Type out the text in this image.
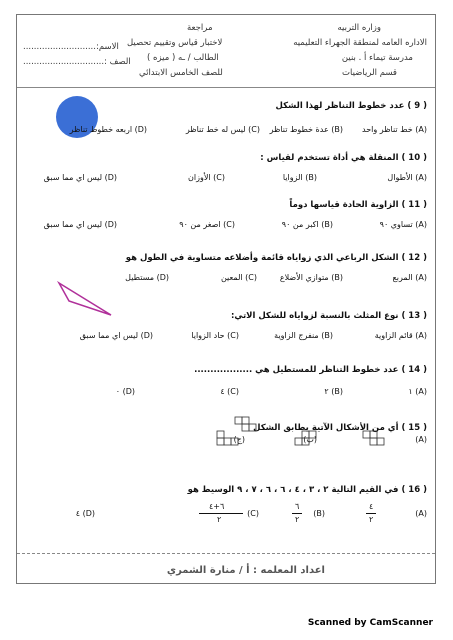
وزاره التربيه
الاداره العامه لمنطقة الجهراء التعليميه
مدرسة تيماء أ . بنين
قسم الرياضيات
مراجعة
لاختبار قياس وتقييم تحصيل
الطالب / ـه ( ميزه )
للصف الخامس الابتدائي
الاسم:...........................
الصف :..............................
( 9 ) عدد خطوط التناظر لهذا الشكل
(A) خط تناظر واحد
(B) عدة خطوط تناظر
(C) ليس له خط تناظر
(D) اربعه خطوط تناظر
( 10 ) المنقلة هي أداة تستخدم لقياس :
(A) الأطوال
(B) الزوايا
(C) الأوزان
(D) ليس اي مما سبق
( 11 ) الزاوية الحادة قياسها دوماً
(A) تساوي ٩٠
(B) اكبر من ٩٠
(C) اصغر من ٩٠
(D) ليس اي مما سبق
( 12 ) الشكل الرباعي الذي زواياه قائمة وأضلاعه متساوية في الطول هو
(A) المربع
(B) متوازي الأضلاع
(C) المعين
(D) مستطيل
( 13 ) نوع المثلث بالنسبة لزواياه للشكل الاتي:
(A) قائم الزاوية
(B) منفرج الزاوية
(C) حاد الزوايا
(D) ليس اي مما سبق
( 14 ) عدد خطوط التناظر للمستطيل هي ..................
(A) ١
(B) ٢
(C) ٤
(D) ٠
( 15 ) أي من الأشكال الآتية يطابق الشكل
(A)
(ب)
(ج)
( 16 ) في القيم التالية ٢ ، ٣ ، ٤ ، ٦ ، ٦ ، ٧ ، ٩ الوسيط هو
(A)
٤
٢
(B)
٦
٢
(C)
٦+٤
٢
(D) ٤
اعداد المعلمه : أ / منارة الشمري
Scanned by CamScanner
